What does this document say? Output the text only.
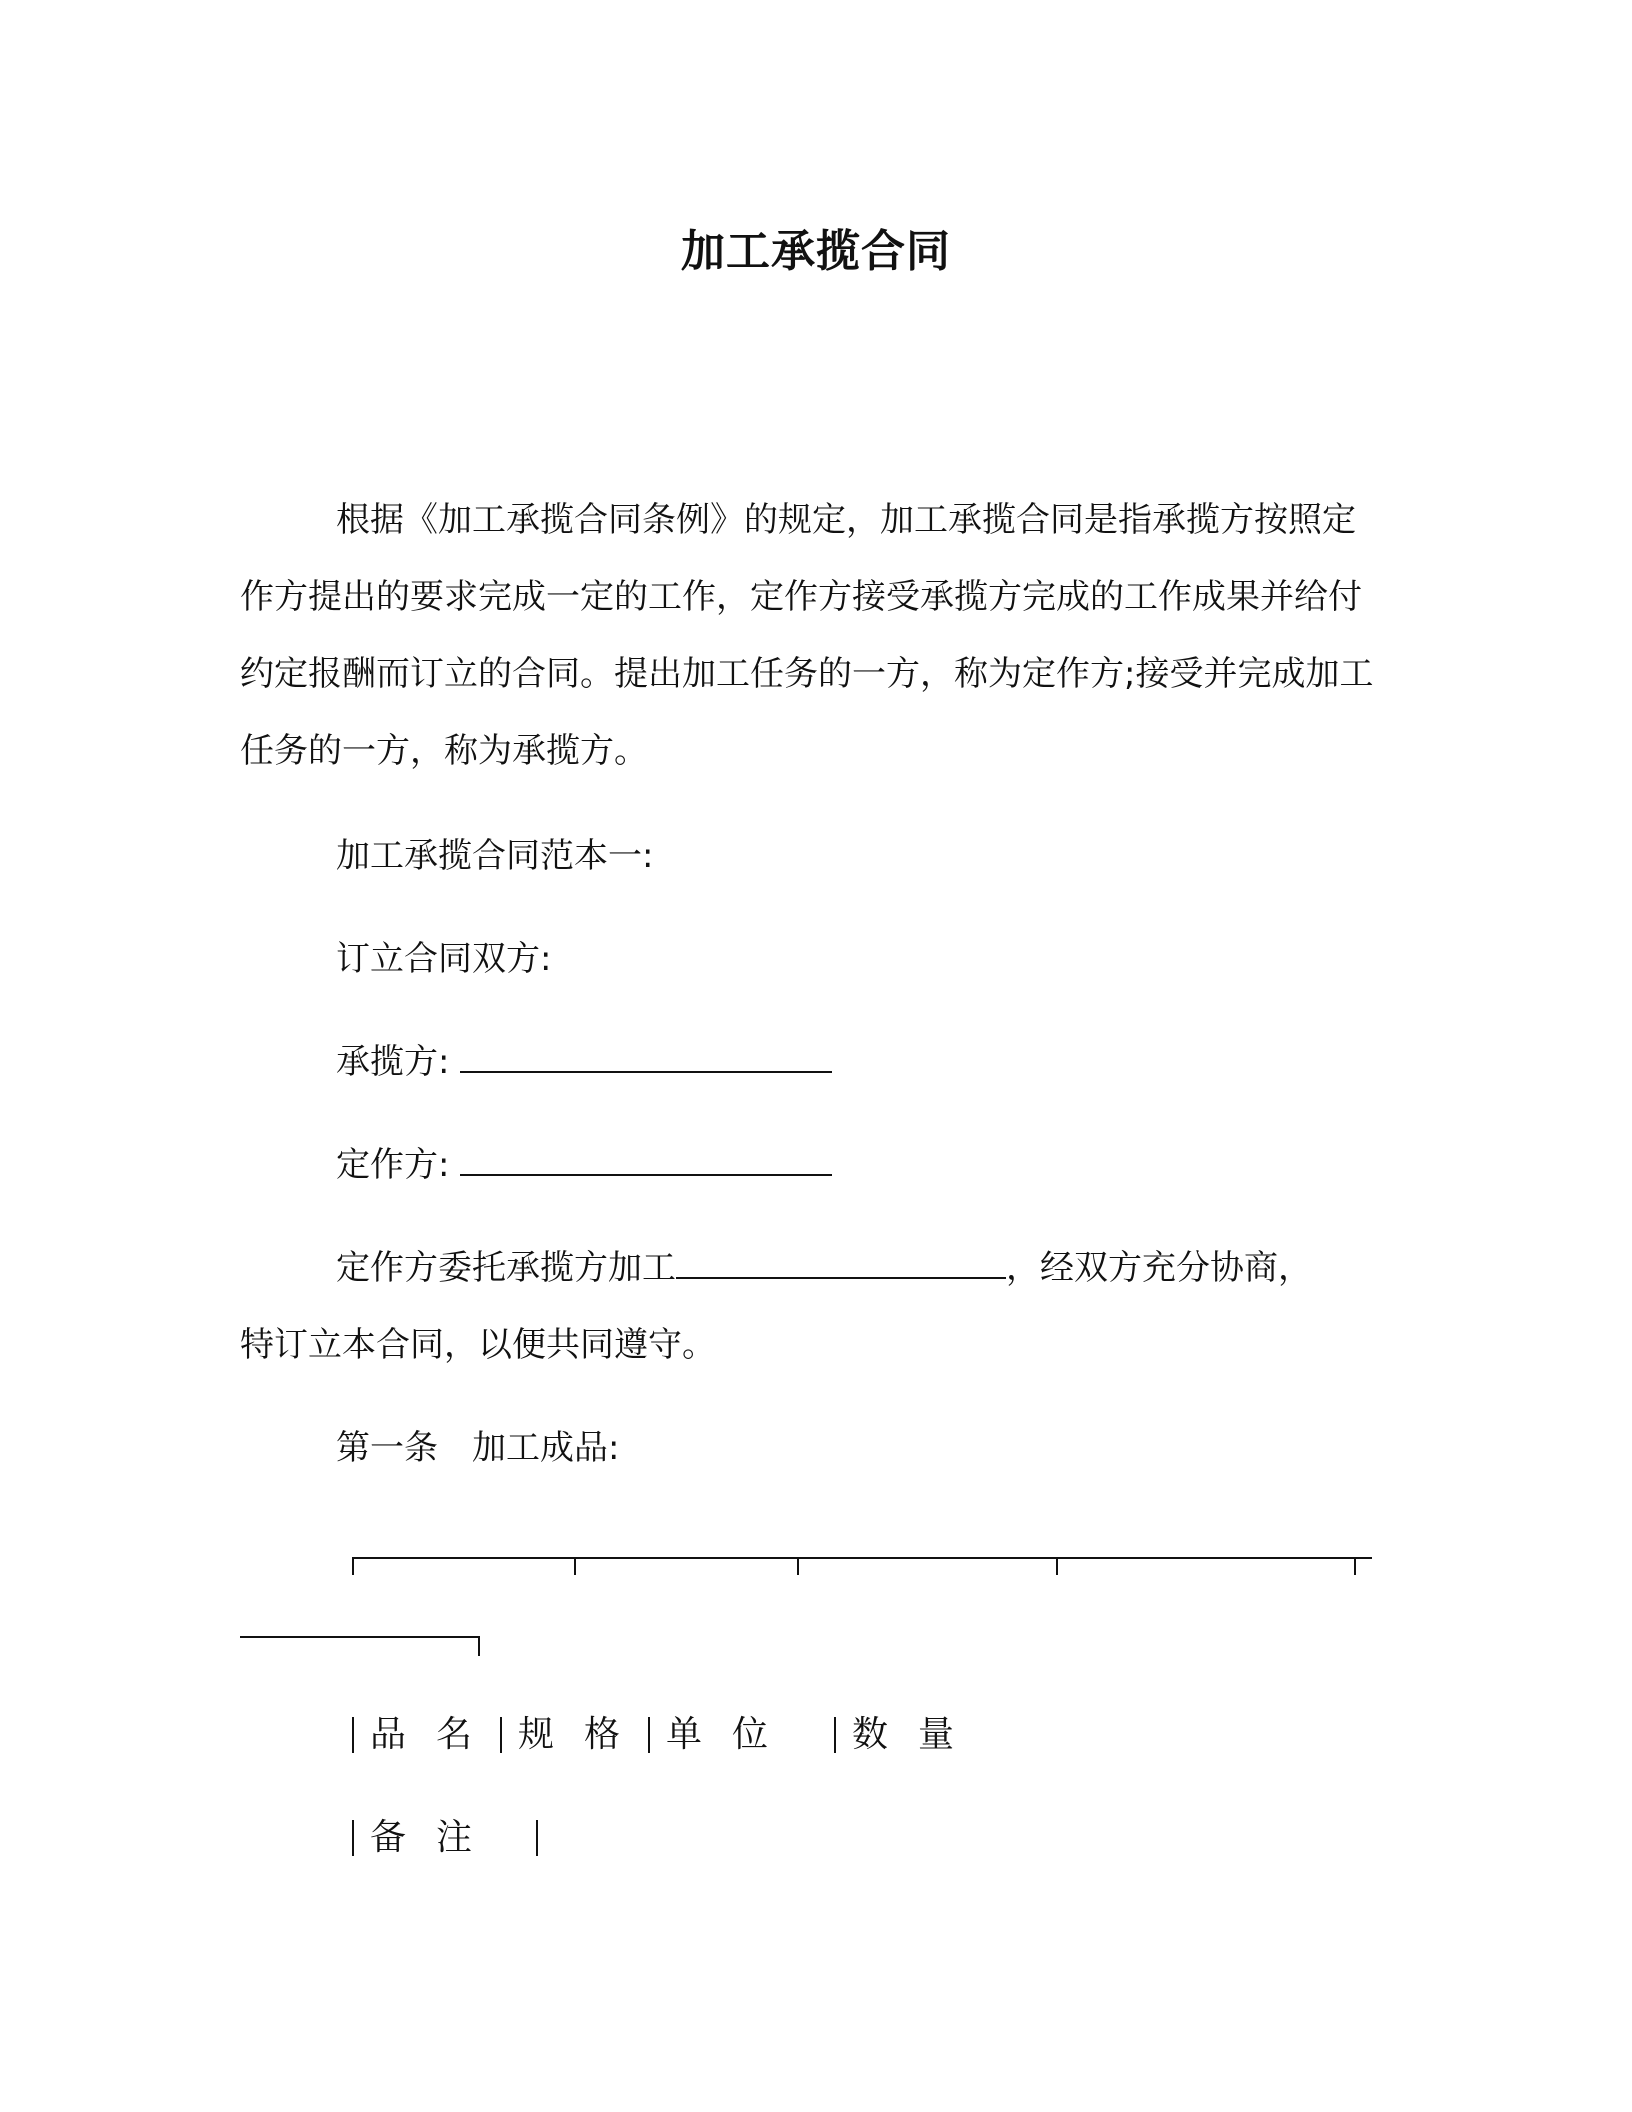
加工承揽合同

根据《加工承揽合同条例》的规定，加工承揽合同是指承揽方按照定作方提出的要求完成一定的工作，定作方接受承揽方完成的工作成果并给付约定报酬而订立的合同。提出加工任务的一方，称为定作方;接受并完成加工任务的一方，称为承揽方。

加工承揽合同范本一:
订立合同双方:
承揽方:
定作方:
定作方委托承揽方加工	，经双方充分协商，
特订立本合同，以便共同遵守。
第一条　加工成品:
品名 规格 单位 数量
备注
